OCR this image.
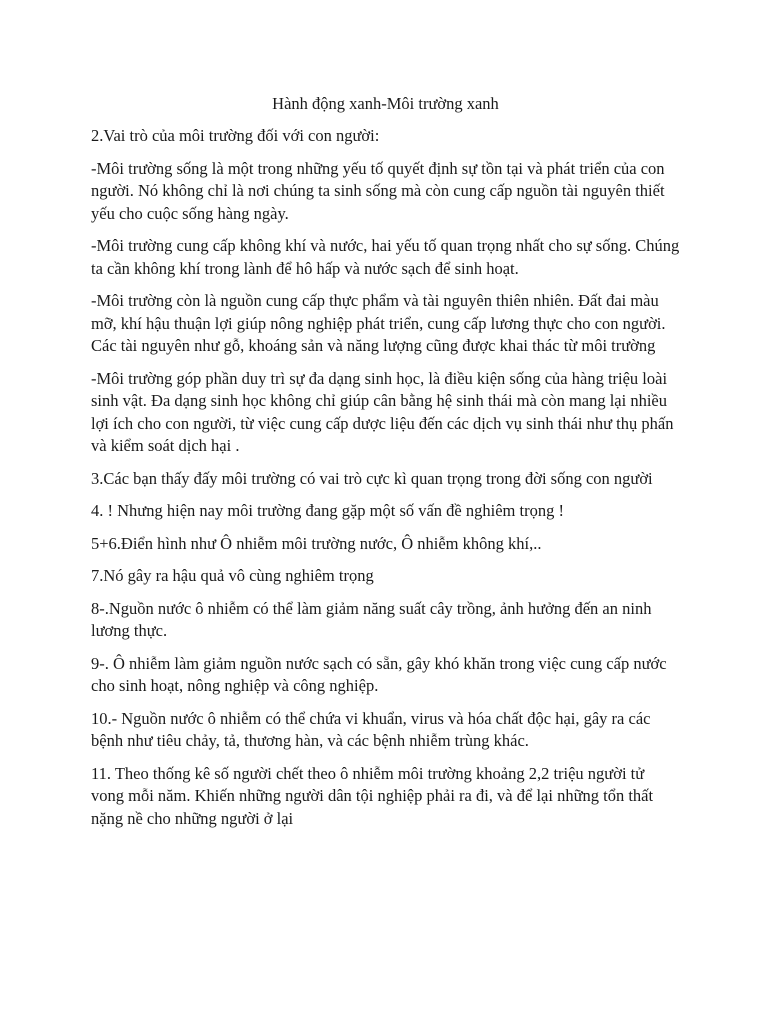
Hành động xanh-Môi trường xanh

2.Vai trò của môi trường đối với con người:

-Môi trường sống là một trong những yếu tố quyết định sự tồn tại và phát triển của con người. Nó không chỉ là nơi chúng ta sinh sống mà còn cung cấp nguồn tài nguyên thiết yếu cho cuộc sống hàng ngày.

-Môi trường cung cấp không khí và nước, hai yếu tố quan trọng nhất cho sự sống. Chúng ta cần không khí trong lành để hô hấp và nước sạch để sinh hoạt.

-Môi trường còn là nguồn cung cấp thực phẩm và tài nguyên thiên nhiên. Đất đai màu mỡ, khí hậu thuận lợi giúp nông nghiệp phát triển, cung cấp lương thực cho con người. Các tài nguyên như gỗ, khoáng sản và năng lượng cũng được khai thác từ môi trường

-Môi trường góp phần duy trì sự đa dạng sinh học, là điều kiện sống của hàng triệu loài sinh vật. Đa dạng sinh học không chỉ giúp cân bằng hệ sinh thái mà còn mang lại nhiều lợi ích cho con người, từ việc cung cấp dược liệu đến các dịch vụ sinh thái như thụ phấn và kiểm soát dịch hại .

3.Các bạn thấy đấy môi trường có vai trò cực kì quan trọng trong đời sống con người

4. ! Nhưng hiện nay môi trường đang gặp một số vấn đề nghiêm trọng !

5+6.Điển hình như Ô nhiễm môi trường nước, Ô nhiễm không khí,..

7.Nó gây ra hậu quả vô cùng nghiêm trọng

8-.Nguồn nước ô nhiễm có thể làm giảm năng suất cây trồng, ảnh hưởng đến an ninh lương thực.

9-. Ô nhiễm làm giảm nguồn nước sạch có sẵn, gây khó khăn trong việc cung cấp nước cho sinh hoạt, nông nghiệp và công nghiệp.

10.- Nguồn nước ô nhiễm có thể chứa vi khuẩn, virus và hóa chất độc hại, gây ra các bệnh như tiêu chảy, tả, thương hàn, và các bệnh nhiễm trùng khác.

11. Theo thống kê số người chết theo ô nhiễm môi trường khoảng 2,2 triệu người tử vong mỗi năm. Khiến những người dân tội nghiệp phải ra đi, và để lại những tổn thất nặng nề cho những người ở lại
